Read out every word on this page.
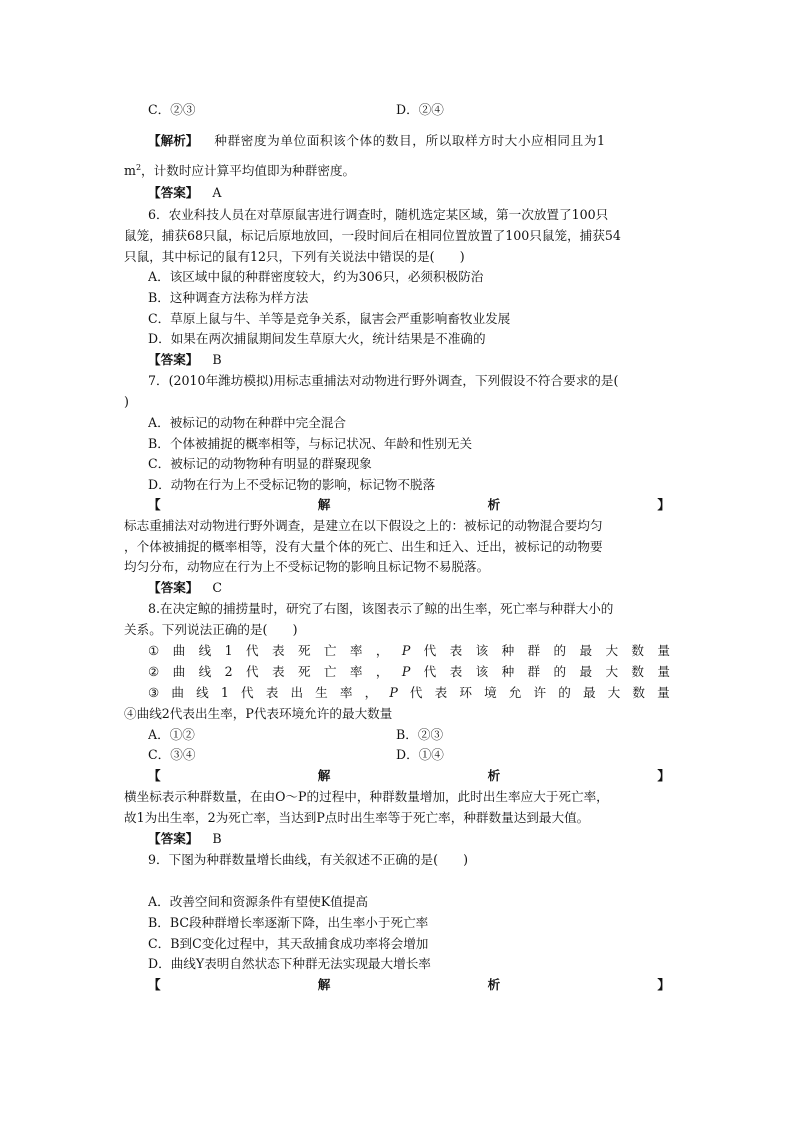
C．②③	D．②④
【解析】 种群密度为单位面积该个体的数目，所以取样方时大小应相同且为1
$m^2$，计数时应计算平均值即为种群密度。
【答案】 A
6．农业科技人员在对草原鼠害进行调查时，随机选定某区域，第一次放置了100只
鼠笼，捕获68只鼠，标记后原地放回，一段时间后在相同位置放置了100只鼠笼，捕获54
只鼠，其中标记的鼠有12只，下列有关说法中错误的是(　　)
A．该区域中鼠的种群密度较大，约为306只，必须积极防治
B．这种调查方法称为样方法
C．草原上鼠与牛、羊等是竞争关系，鼠害会严重影响畜牧业发展
D．如果在两次捕鼠期间发生草原大火，统计结果是不准确的
【答案】 B
7．(2010年潍坊模拟)用标志重捕法对动物进行野外调查，下列假设不符合要求的是(
)
A．被标记的动物在种群中完全混合
B．个体被捕捉的概率相等，与标记状况、年龄和性别无关
C．被标记的动物物种有明显的群聚现象
D．动物在行为上不受标记物的影响，标记物不脱落
【	解	析	】
标志重捕法对动物进行野外调查，是建立在以下假设之上的：被标记的动物混合要均匀
，个体被捕捉的概率相等，没有大量个体的死亡、出生和迁入、迁出，被标记的动物要
均匀分布，动物应在行为上不受标记物的影响且标记物不易脱落。
【答案】 C
8.在决定鲸的捕捞量时，研究了右图，该图表示了鲸的出生率，死亡率与种群大小的
关系。下列说法正确的是(　　)
① 曲 线 1 代 表 死 亡 率 ， P 代 表 该 种 群 的 最 大 数 量
② 曲 线 2 代 表 死 亡 率 ， P 代 表 该 种 群 的 最 大 数 量
③ 曲 线 1 代 表 出 生 率 ， P 代 表 环 境 允 许 的 最 大 数 量
④曲线2代表出生率，P代表环境允许的最大数量
A．①②	B．②③
C．③④	D．①④
【	解	析	】
横坐标表示种群数量，在由O～P的过程中，种群数量增加，此时出生率应大于死亡率，
故1为出生率，2为死亡率，当达到P点时出生率等于死亡率，种群数量达到最大值。
【答案】 B
9．下图为种群数量增长曲线，有关叙述不正确的是(　　)
A．改善空间和资源条件有望使K值提高
B．BC段种群增长率逐渐下降，出生率小于死亡率
C．B到C变化过程中，其天敌捕食成功率将会增加
D．曲线Y表明自然状态下种群无法实现最大增长率
【	解	析	】
